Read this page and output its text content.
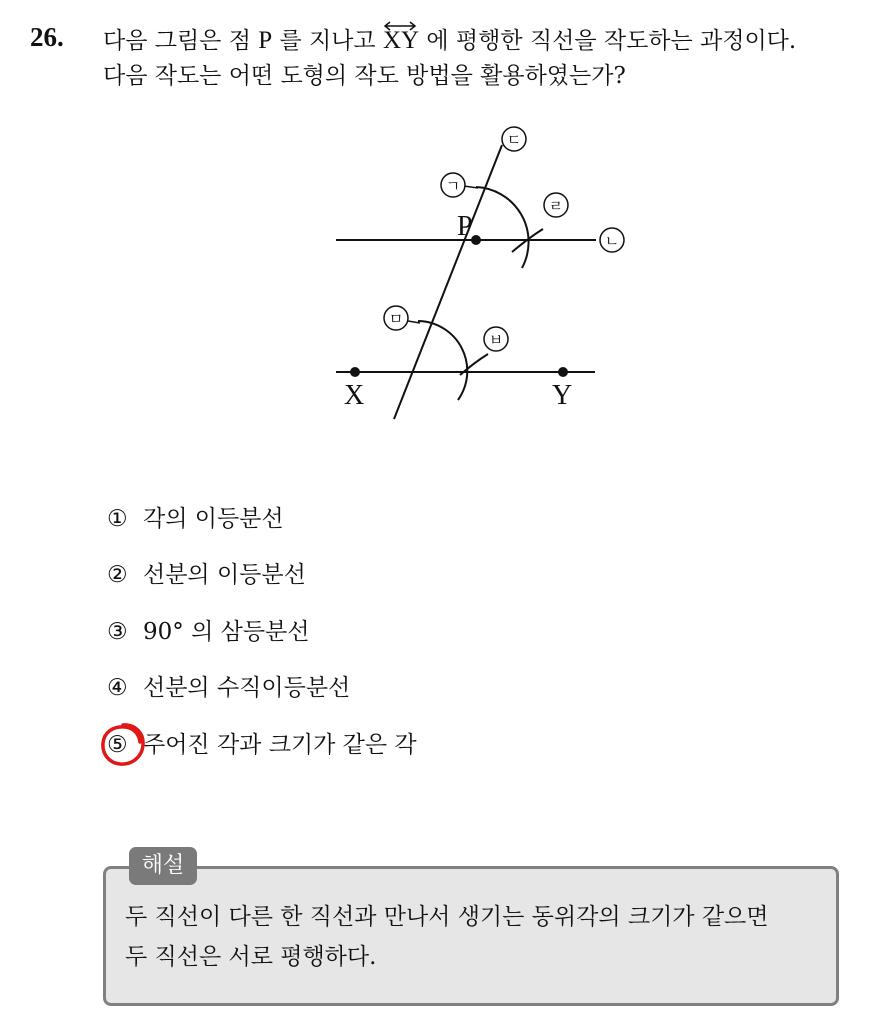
26. 다음 그림은 점 P 를 지나고
XY 에 평행한 직선을 작도하는 과정이다.
다음 작도는 어떤 도형의 작도 방법을 활용하였는가?
P
X	Y
ㄱ
ㄴ
ㄷ
ㄹ
ㅁ
ㅂ
① 각의 이등분선
② 선분의 이등분선
③ 90° 의 삼등분선
④ 선분의 수직이등분선
⑤ 주어진 각과 크기가 같은 각
해설
두 직선이 다른 한 직선과 만나서 생기는 동위각의 크기가 같으면
두 직선은 서로 평행하다.
